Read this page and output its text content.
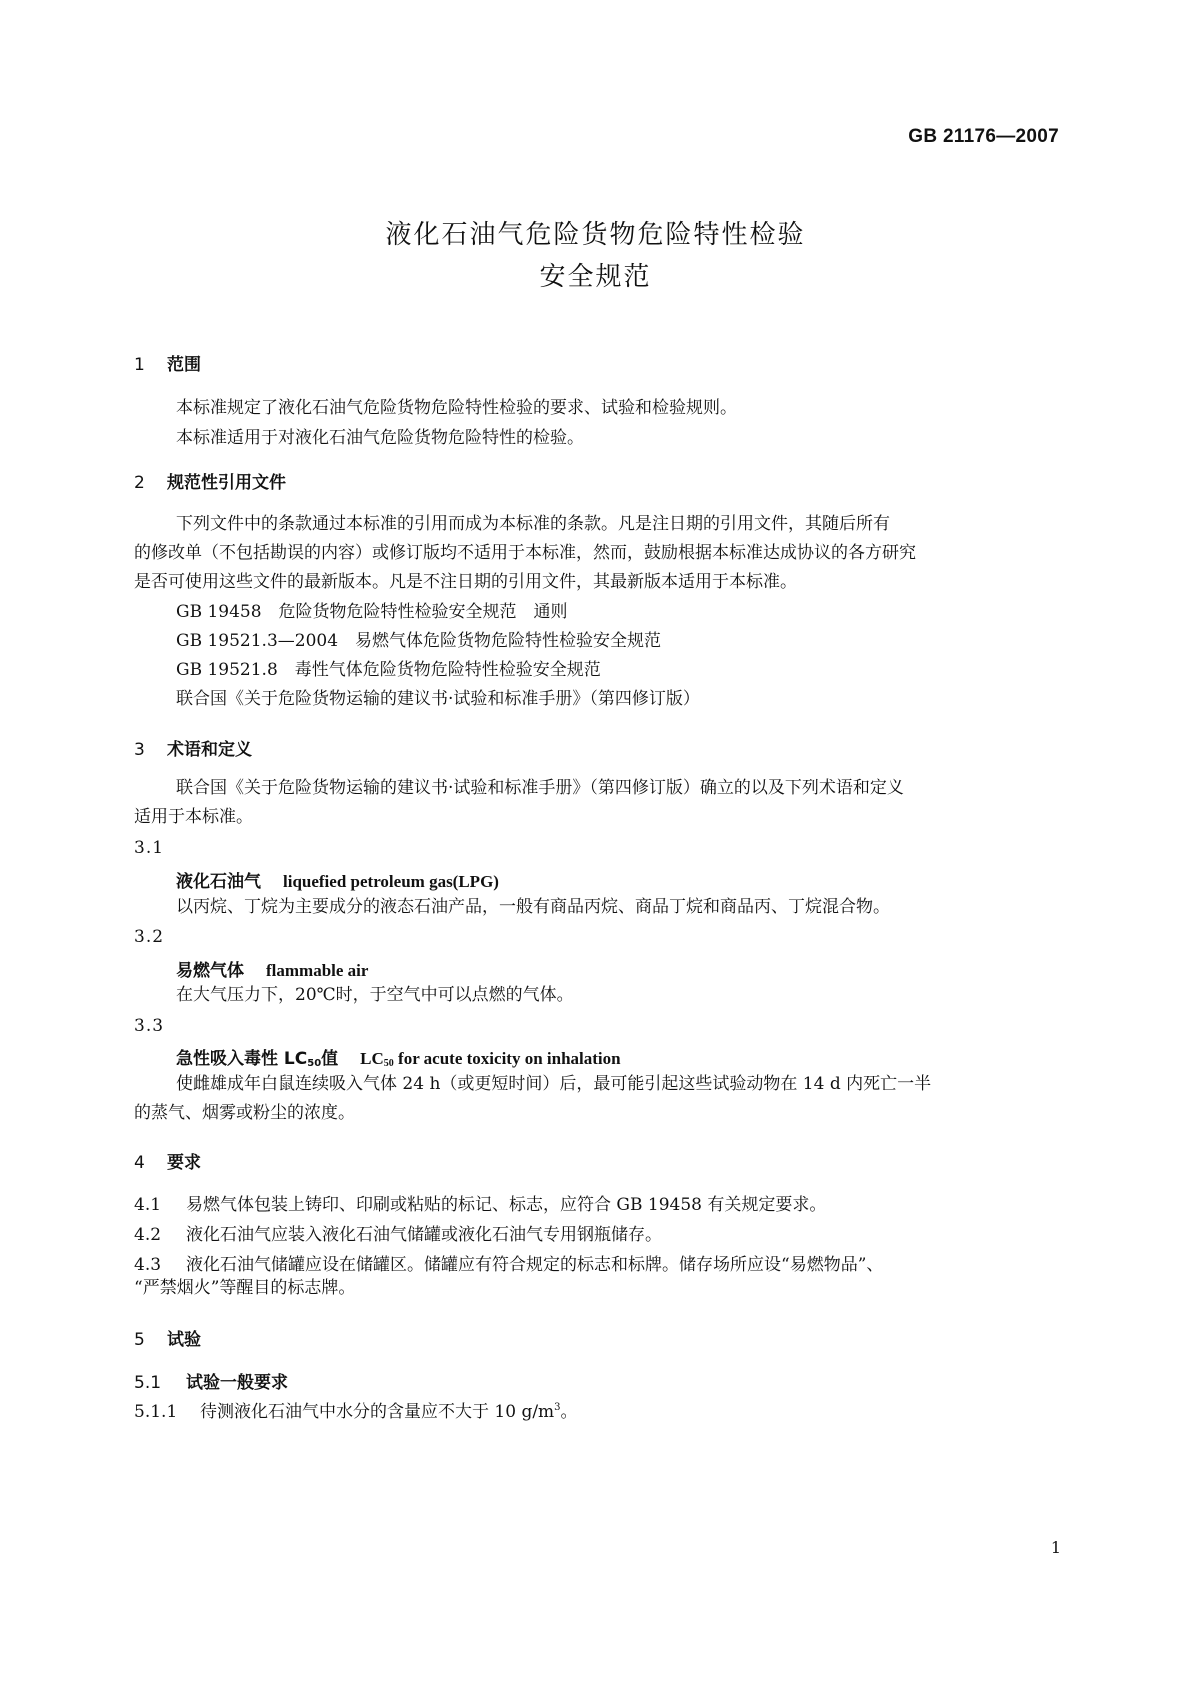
GB 21176—2007
液化石油气危险货物危险特性检验
安全规范
1 范围
本标准规定了液化石油气危险货物危险特性检验的要求、试验和检验规则。
本标准适用于对液化石油气危险货物危险特性的检验。
2 规范性引用文件
下列文件中的条款通过本标准的引用而成为本标准的条款。凡是注日期的引用文件，其随后所有
的修改单（不包括勘误的内容）或修订版均不适用于本标准，然而，鼓励根据本标准达成协议的各方研究
是否可使用这些文件的最新版本。凡是不注日期的引用文件，其最新版本适用于本标准。
GB 19458　危险货物危险特性检验安全规范　通则
GB 19521.3—2004　易燃气体危险货物危险特性检验安全规范
GB 19521.8　毒性气体危险货物危险特性检验安全规范
联合国《关于危险货物运输的建议书·试验和标准手册》（第四修订版）
3 术语和定义
联合国《关于危险货物运输的建议书·试验和标准手册》（第四修订版）确立的以及下列术语和定义
适用于本标准。
3.1
液化石油气 liquefied petroleum gas(LPG)
以丙烷、丁烷为主要成分的液态石油产品，一般有商品丙烷、商品丁烷和商品丙、丁烷混合物。
3.2
易燃气体 flammable air
在大气压力下，20℃时，于空气中可以点燃的气体。
3.3
急性吸入毒性 $LC_{50}$值 $LC_{50}$ for acute toxicity on inhalation
使雌雄成年白鼠连续吸入气体 24 h（或更短时间）后，最可能引起这些试验动物在 14 d 内死亡一半
的蒸气、烟雾或粉尘的浓度。
4 要求
4.1 易燃气体包装上铸印、印刷或粘贴的标记、标志，应符合 GB 19458 有关规定要求。
4.2 液化石油气应装入液化石油气储罐或液化石油气专用钢瓶储存。
4.3 液化石油气储罐应设在储罐区。储罐应有符合规定的标志和标牌。储存场所应设“易燃物品”、
“严禁烟火”等醒目的标志牌。
5 试验
5.1 试验一般要求
5.1.1 待测液化石油气中水分的含量应不大于 10 $g/m^3$。
1
